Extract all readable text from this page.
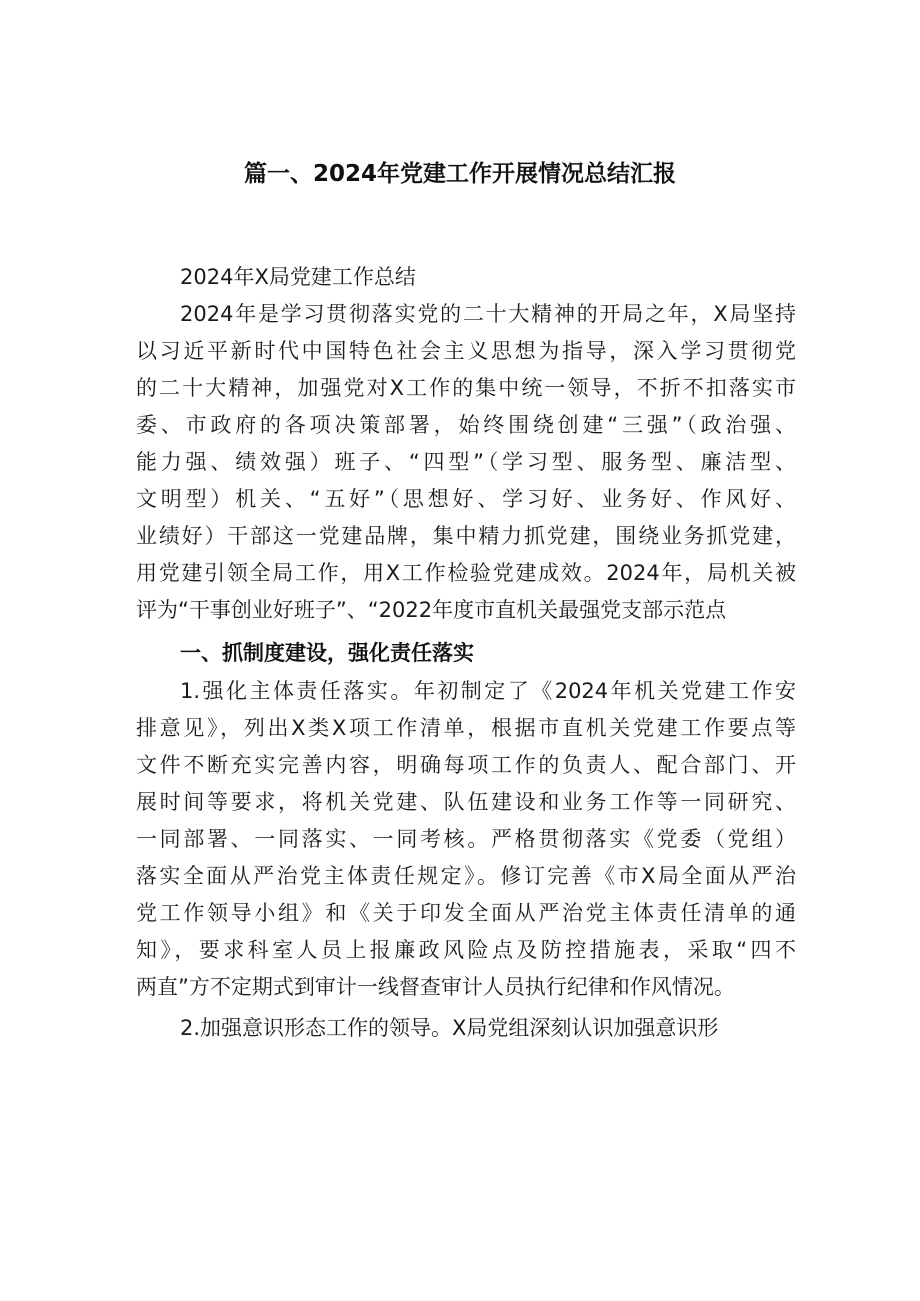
篇一、2024年党建工作开展情况总结汇报
2024年X局党建工作总结
2024年是学习贯彻落实党的二十大精神的开局之年，X局坚持
以习近平新时代中国特色社会主义思想为指导，深入学习贯彻党
的二十大精神，加强党对X工作的集中统一领导，不折不扣落实市
委、市政府的各项决策部署，始终围绕创建“三强”（政治强、
能力强、绩效强）班子、“四型”（学习型、服务型、廉洁型、
文明型）机关、“五好”（思想好、学习好、业务好、作风好、
业绩好）干部这一党建品牌，集中精力抓党建，围绕业务抓党建，
用党建引领全局工作，用X工作检验党建成效。2024年，局机关被
评为“干事创业好班子”、“2022年度市直机关最强党支部示范点
一、抓制度建设，强化责任落实
1.强化主体责任落实。年初制定了《2024年机关党建工作安
排意见》，列出X类X项工作清单，根据市直机关党建工作要点等
文件不断充实完善内容，明确每项工作的负责人、配合部门、开
展时间等要求，将机关党建、队伍建设和业务工作等一同研究、
一同部署、一同落实、一同考核。严格贯彻落实《党委（党组）
落实全面从严治党主体责任规定》。修订完善《市X局全面从严治
党工作领导小组》和《关于印发全面从严治党主体责任清单的通
知》，要求科室人员上报廉政风险点及防控措施表，采取“四不
两直”方不定期式到审计一线督查审计人员执行纪律和作风情况。
2.加强意识形态工作的领导。X局党组深刻认识加强意识形
